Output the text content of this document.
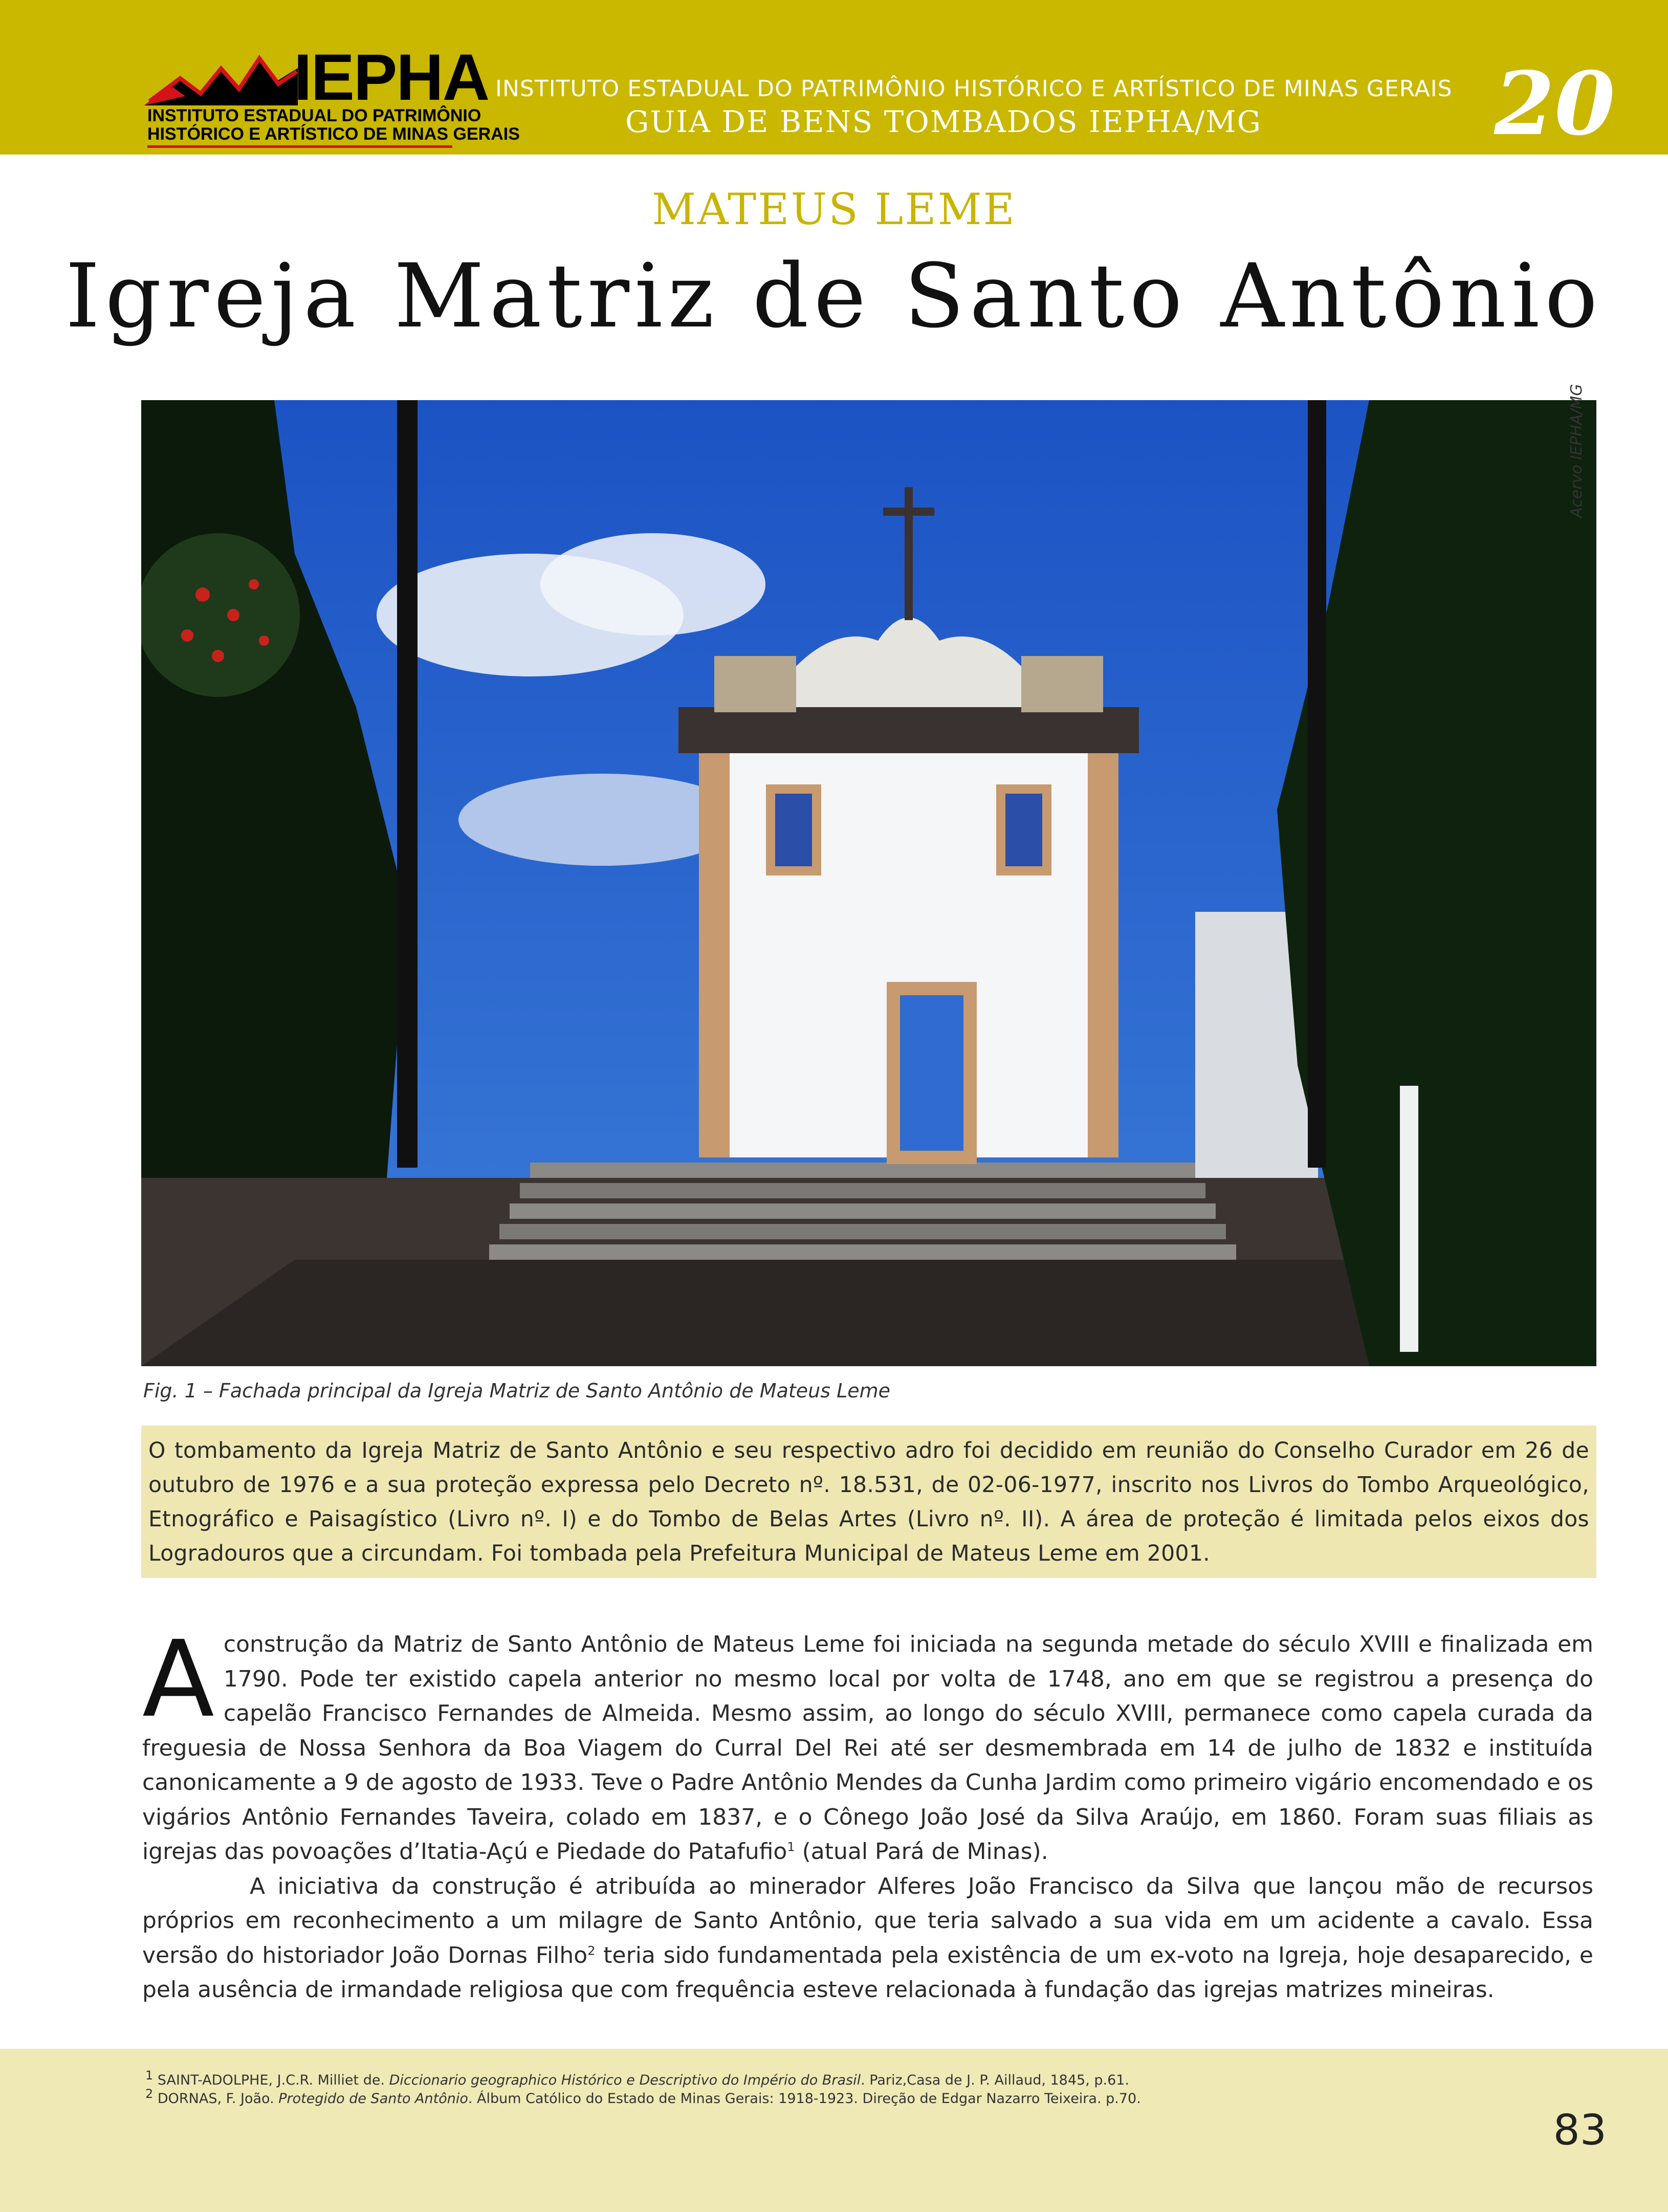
IEPHA
INSTITUTO ESTADUAL DO PATRIMÔNIO
HISTÓRICO E ARTÍSTICO DE MINAS GERAIS
INSTITUTO ESTADUAL DO PATRIMÔNIO HISTÓRICO E ARTÍSTICO DE MINAS GERAIS
GUIA DE BENS TOMBADOS IEPHA/MG	20
MATEUS LEME
Igreja Matriz de Santo Antônio
Acervo IEPHA/MG
Fig. 1 – Fachada principal da Igreja Matriz de Santo Antônio de Mateus Leme
O tombamento da Igreja Matriz de Santo Antônio e seu respectivo adro foi decidido em reunião do Conselho Curador em 26 de outubro de 1976 e a sua proteção expressa pelo Decreto nº. 18.531, de 02-06-1977, inscrito nos Livros do Tombo Arqueológico, Etnográfico e Paisagístico (Livro nº. I) e do Tombo de Belas Artes (Livro nº. II). A área de proteção é limitada pelos eixos dos Logradouros que a circundam. Foi tombada pela Prefeitura Municipal de Mateus Leme em 2001.

Aconstrução da Matriz de Santo Antônio de Mateus Leme foi iniciada na segunda metade do século XVIII e finalizada em 1790. Pode ter existido capela anterior no mesmo local por volta de 1748, ano em que se registrou a presença do capelão Francisco Fernandes de Almeida. Mesmo assim, ao longo do século XVIII, permanece como capela curada da freguesia de Nossa Senhora da Boa Viagem do Curral Del Rei até ser desmembrada em 14 de julho de 1832 e instituída canonicamente a 9 de agosto de 1933. Teve o Padre Antônio Mendes da Cunha Jardim como primeiro vigário encomendado e os vigários Antônio Fernandes Taveira, colado em 1837, e o Cônego João José da Silva Araújo, em 1860. Foram suas filiais as igrejas das povoações d’Itatia-Açú e Piedade do Patafufio$^1$ (atual Pará de Minas).

A iniciativa da construção é atribuída ao minerador Alferes João Francisco da Silva que lançou mão de recursos próprios em reconhecimento a um milagre de Santo Antônio, que teria salvado a sua vida em um acidente a cavalo. Essa versão do historiador João Dornas Filho$^2$ teria sido fundamentada pela existência de um ex-voto na Igreja, hoje desaparecido, e pela ausência de irmandade religiosa que com frequência esteve relacionada à fundação das igrejas matrizes mineiras.

$^1$ SAINT-ADOLPHE, J.C.R. Milliet de. Diccionario geographico Histórico e Descriptivo do Império do Brasil. Pariz,Casa de J. P. Aillaud, 1845, p.61.
$^2$ DORNAS, F. João. Protegido de Santo Antônio. Álbum Católico do Estado de Minas Gerais: 1918-1923. Direção de Edgar Nazarro Teixeira. p.70.
83
